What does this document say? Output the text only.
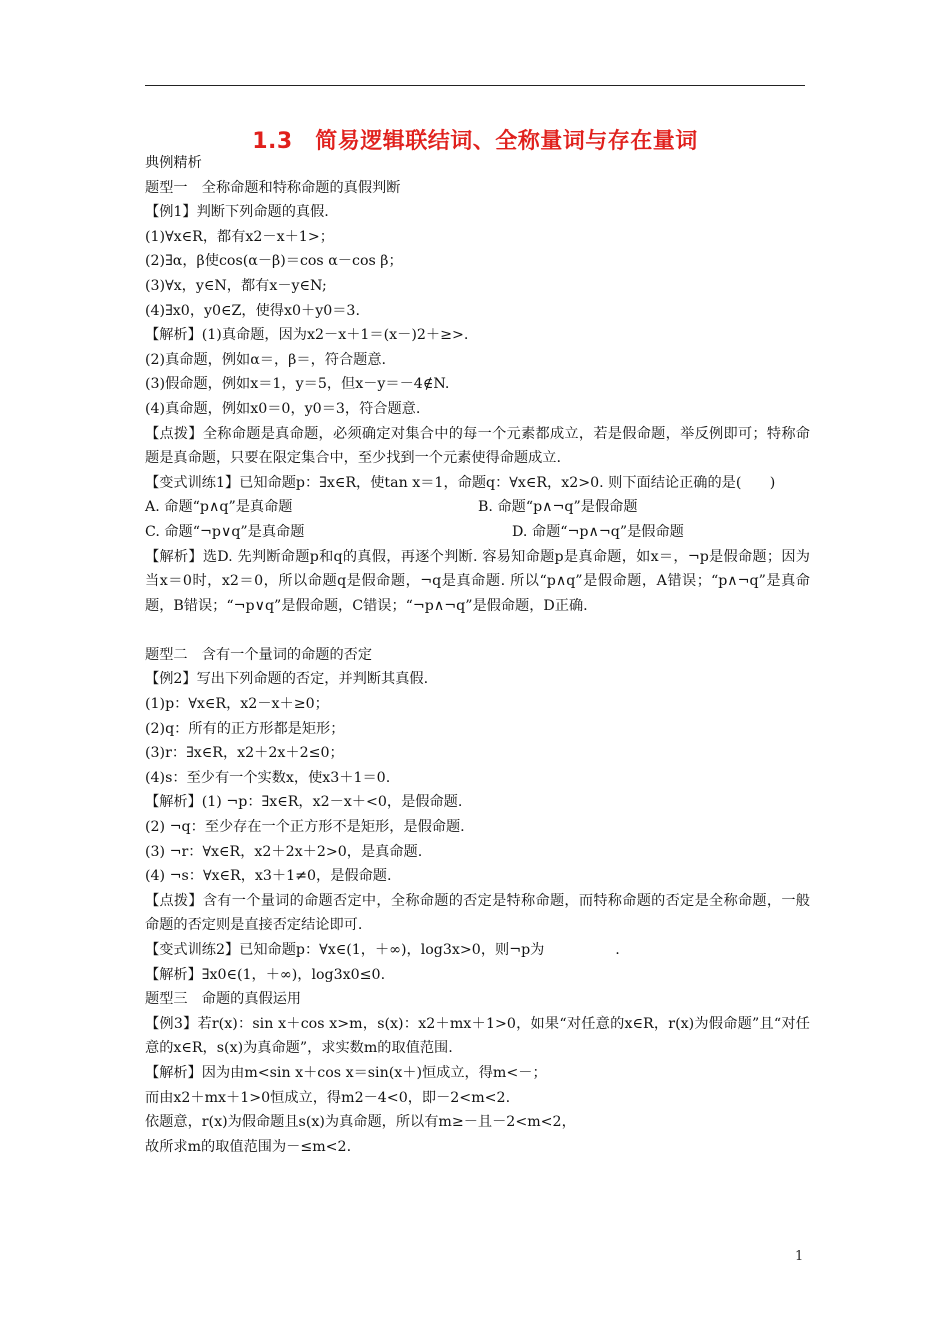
1.3　简易逻辑联结词、全称量词与存在量词
典例精析
题型一　全称命题和特称命题的真假判断
【例1】判断下列命题的真假.
(1)∀x∈R，都有x2－x＋1>；
(2)∃α，β使cos(α－β)＝cos α－cos β；
(3)∀x，y∈N，都有x－y∈N;
(4)∃x0，y0∈Z，使得x0＋y0＝3.
【解析】(1)真命题，因为x2－x＋1＝(x－)2＋≥>.
(2)真命题，例如α＝，β＝，符合题意.
(3)假命题，例如x＝1，y＝5，但x－y＝－4∉N.
(4)真命题，例如x0＝0，y0＝3，符合题意.
【点拨】全称命题是真命题，必须确定对集合中的每一个元素都成立，若是假命题，举反例即可；特称命题是真命题，只要在限定集合中，至少找到一个元素使得命题成立.
【变式训练1】已知命题p：∃x∈R，使tan x＝1，命题q：∀x∈R，x2>0. 则下面结论正确的是(　　)
A. 命题“p∧q”是真命题	B. 命题“p∧¬q”是假命题
C. 命题“¬p∨q”是真命题	D. 命题“¬p∧¬q”是假命题
【解析】选D. 先判断命题p和q的真假，再逐个判断. 容易知命题p是真命题，如x＝，¬p是假命题；因为当x＝0时，x2＝0，所以命题q是假命题，¬q是真命题. 所以“p∧q”是假命题，A错误；“p∧¬q”是真命题，B错误；“¬p∨q”是假命题，C错误；“¬p∧¬q”是假命题，D正确.
题型二　含有一个量词的命题的否定
【例2】写出下列命题的否定，并判断其真假.
(1)p：∀x∈R，x2－x＋≥0；
(2)q：所有的正方形都是矩形；
(3)r：∃x∈R，x2＋2x＋2≤0；
(4)s：至少有一个实数x，使x3＋1＝0.
【解析】(1) ¬p：∃x∈R，x2－x＋<0，是假命题.
(2) ¬q：至少存在一个正方形不是矩形，是假命题.
(3) ¬r：∀x∈R，x2＋2x＋2>0，是真命题.
(4) ¬s：∀x∈R，x3＋1≠0，是假命题.
【点拨】含有一个量词的命题否定中，全称命题的否定是特称命题，而特称命题的否定是全称命题，一般命题的否定则是直接否定结论即可.
【变式训练2】已知命题p：∀x∈(1，＋∞)，log3x>0，则¬p为　　　　　.
【解析】∃x0∈(1，＋∞)，log3x0≤0.
题型三　命题的真假运用
【例3】若r(x)：sin x＋cos x>m，s(x)：x2＋mx＋1>0，如果“对任意的x∈R，r(x)为假命题”且“对任意的x∈R，s(x)为真命题”，求实数m的取值范围.
【解析】因为由m<sin x＋cos x＝sin(x＋)恒成立，得m<－；
而由x2＋mx＋1>0恒成立，得m2－4<0，即－2<m<2.
依题意，r(x)为假命题且s(x)为真命题，所以有m≥－且－2<m<2，
故所求m的取值范围为－≤m<2.
1
